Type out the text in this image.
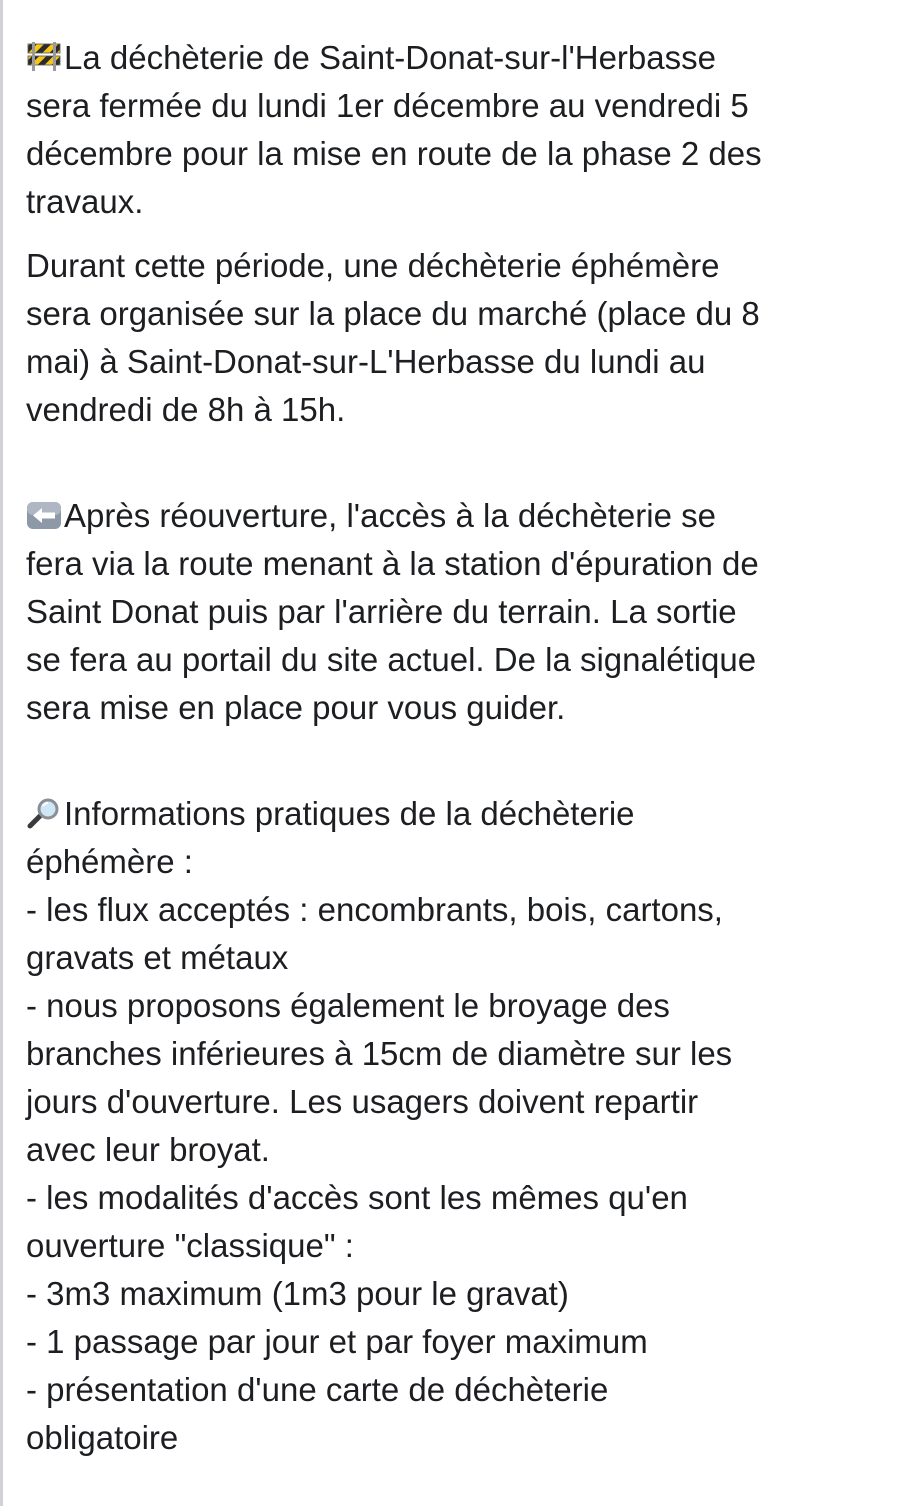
La déchèterie de Saint-Donat-sur-l'Herbasse
sera fermée du lundi 1er décembre au vendredi 5
décembre pour la mise en route de la phase 2 des
travaux.
Durant cette période, une déchèterie éphémère
sera organisée sur la place du marché (place du 8
mai) à Saint-Donat-sur-L'Herbasse du lundi au
vendredi de 8h à 15h.
Après réouverture, l'accès à la déchèterie se
fera via la route menant à la station d'épuration de
Saint Donat puis par l'arrière du terrain. La sortie
se fera au portail du site actuel. De la signalétique
sera mise en place pour vous guider.
Informations pratiques de la déchèterie
éphémère :
- les flux acceptés : encombrants, bois, cartons,
gravats et métaux
- nous proposons également le broyage des
branches inférieures à 15cm de diamètre sur les
jours d'ouverture. Les usagers doivent repartir
avec leur broyat.
- les modalités d'accès sont les mêmes qu'en
ouverture "classique" :
- 3m3 maximum (1m3 pour le gravat)
- 1 passage par jour et par foyer maximum
- présentation d'une carte de déchèterie
obligatoire
